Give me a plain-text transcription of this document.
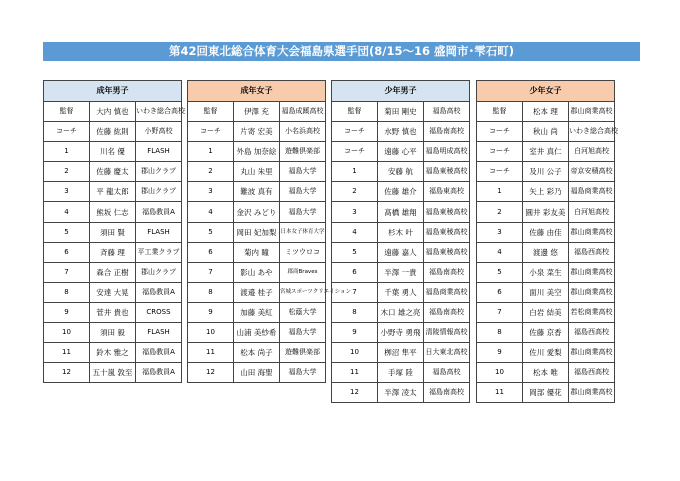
第42回東北総合体育大会福島県選手団(8/15～16 盛岡市･雫石町)
成年男子		
監督	大内 慎也	いわき総合高校
コーチ	佐藤 紘則	小野高校
1	川名 優	FLASH
2	佐藤 慶太	郡山クラブ
3	平 龍太郎	郡山クラブ
4	熊坂 仁志	福島教員A
5	須田 賢	FLASH
6	斉藤 理	平工業クラブ
7	森合 正樹	郡山クラブ
8	安達 大晃	福島教員A
9	菅井 貴也	CROSS
10	須田 毅	FLASH
11	鈴木 雅之	福島教員A
12	五十嵐 敦至	福島教員A
成年女子		
監督	伊澤 充	福島成蹊高校
コーチ	片寄 宏美	小名浜高校
1	外島 加奈絵	遊難倶楽部
2	丸山 朱里	福島大学
3	難波 真有	福島大学
4	金沢 みどり	福島大学
5	岡田 妃加梨	日本女子体育大学
6	菊内 瞳	ミツウロコ
7	影山 あや	郡商Braves
8	渡邉 桂子	宮城スポーツクリエイション
9	加藤 美紅	松蔭大学
10	山浦 美紗希	福島大学
11	松本 尚子	遊難倶楽部
12	山田 海聖	福島大学
少年男子		
監督	菊田 剛史	福島高校
コーチ	水野 慎也	福島南高校
コーチ	遠藤 心平	福島明成高校
1	安藤 航	福島東稜高校
2	佐藤 雄介	福島東高校
3	髙橋 雄翔	福島東稜高校
4	杉木 叶	福島東稜高校
5	遠藤 嘉人	福島東稜高校
6	半澤 一貴	福島南高校
7	千葉 勇人	福島商業高校
8	木口 雄之亮	福島南高校
9	小野寺 勇飛	清陵情報高校
10	栁沼 隼平	日大東北高校
11	手塚 陸	福島高校
12	半澤 凌太	福島南高校
少年女子		
監督	松本 理	郡山商業高校
コーチ	秋山 尚	いわき総合高校
コーチ	室井 真仁	白河旭高校
コーチ	及川 公子	帝京安積高校
1	矢上 彩乃	福島商業高校
2	圓井 彩友美	白河旭高校
3	佐藤 由佳	郡山商業高校
4	渡邊 悠	福島西高校
5	小泉 菜生	郡山商業高校
6	面川 美空	郡山商業高校
7	白岩 結美	若松商業高校
8	佐藤 京香	福島西高校
9	佐川 愛梨	郡山商業高校
10	松本 唯	福島西高校
11	岡部 優花	郡山商業高校
